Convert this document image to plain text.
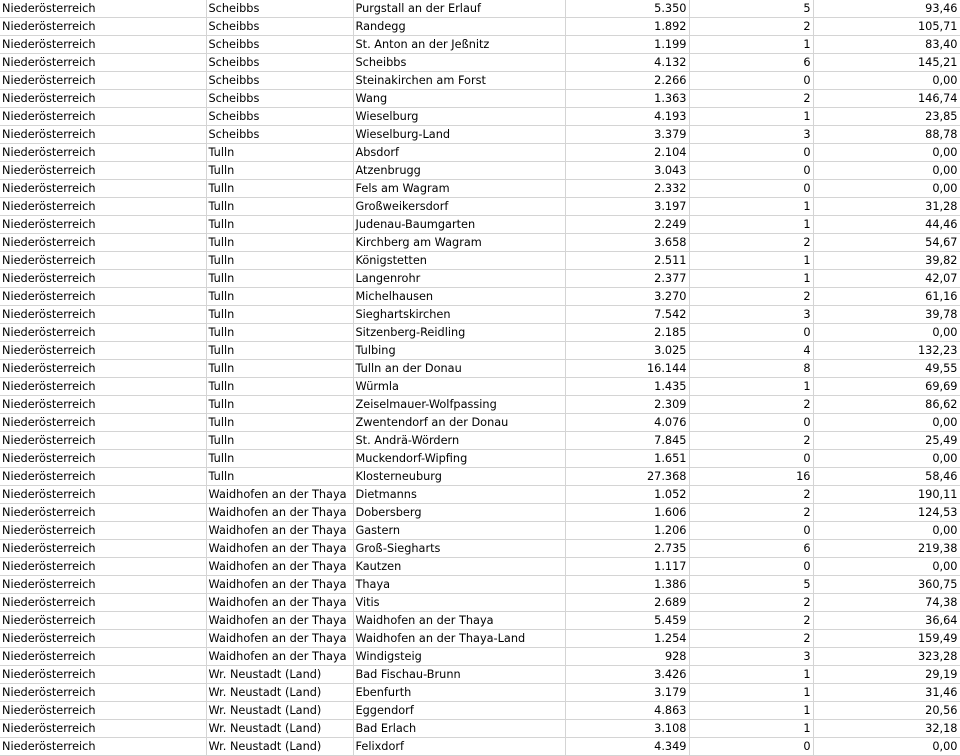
Niederösterreich	Scheibbs	Purgstall an der Erlauf	5.350	5	93,46
Niederösterreich	Scheibbs	Randegg	1.892	2	105,71
Niederösterreich	Scheibbs	St. Anton an der Jeßnitz	1.199	1	83,40
Niederösterreich	Scheibbs	Scheibbs	4.132	6	145,21
Niederösterreich	Scheibbs	Steinakirchen am Forst	2.266	0	0,00
Niederösterreich	Scheibbs	Wang	1.363	2	146,74
Niederösterreich	Scheibbs	Wieselburg	4.193	1	23,85
Niederösterreich	Scheibbs	Wieselburg-Land	3.379	3	88,78
Niederösterreich	Tulln	Absdorf	2.104	0	0,00
Niederösterreich	Tulln	Atzenbrugg	3.043	0	0,00
Niederösterreich	Tulln	Fels am Wagram	2.332	0	0,00
Niederösterreich	Tulln	Großweikersdorf	3.197	1	31,28
Niederösterreich	Tulln	Judenau-Baumgarten	2.249	1	44,46
Niederösterreich	Tulln	Kirchberg am Wagram	3.658	2	54,67
Niederösterreich	Tulln	Königstetten	2.511	1	39,82
Niederösterreich	Tulln	Langenrohr	2.377	1	42,07
Niederösterreich	Tulln	Michelhausen	3.270	2	61,16
Niederösterreich	Tulln	Sieghartskirchen	7.542	3	39,78
Niederösterreich	Tulln	Sitzenberg-Reidling	2.185	0	0,00
Niederösterreich	Tulln	Tulbing	3.025	4	132,23
Niederösterreich	Tulln	Tulln an der Donau	16.144	8	49,55
Niederösterreich	Tulln	Würmla	1.435	1	69,69
Niederösterreich	Tulln	Zeiselmauer-Wolfpassing	2.309	2	86,62
Niederösterreich	Tulln	Zwentendorf an der Donau	4.076	0	0,00
Niederösterreich	Tulln	St. Andrä-Wördern	7.845	2	25,49
Niederösterreich	Tulln	Muckendorf-Wipfing	1.651	0	0,00
Niederösterreich	Tulln	Klosterneuburg	27.368	16	58,46
Niederösterreich	Waidhofen an der Thaya	Dietmanns	1.052	2	190,11
Niederösterreich	Waidhofen an der Thaya	Dobersberg	1.606	2	124,53
Niederösterreich	Waidhofen an der Thaya	Gastern	1.206	0	0,00
Niederösterreich	Waidhofen an der Thaya	Groß-Siegharts	2.735	6	219,38
Niederösterreich	Waidhofen an der Thaya	Kautzen	1.117	0	0,00
Niederösterreich	Waidhofen an der Thaya	Thaya	1.386	5	360,75
Niederösterreich	Waidhofen an der Thaya	Vitis	2.689	2	74,38
Niederösterreich	Waidhofen an der Thaya	Waidhofen an der Thaya	5.459	2	36,64
Niederösterreich	Waidhofen an der Thaya	Waidhofen an der Thaya-Land	1.254	2	159,49
Niederösterreich	Waidhofen an der Thaya	Windigsteig	928	3	323,28
Niederösterreich	Wr. Neustadt (Land)	Bad Fischau-Brunn	3.426	1	29,19
Niederösterreich	Wr. Neustadt (Land)	Ebenfurth	3.179	1	31,46
Niederösterreich	Wr. Neustadt (Land)	Eggendorf	4.863	1	20,56
Niederösterreich	Wr. Neustadt (Land)	Bad Erlach	3.108	1	32,18
Niederösterreich	Wr. Neustadt (Land)	Felixdorf	4.349	0	0,00
